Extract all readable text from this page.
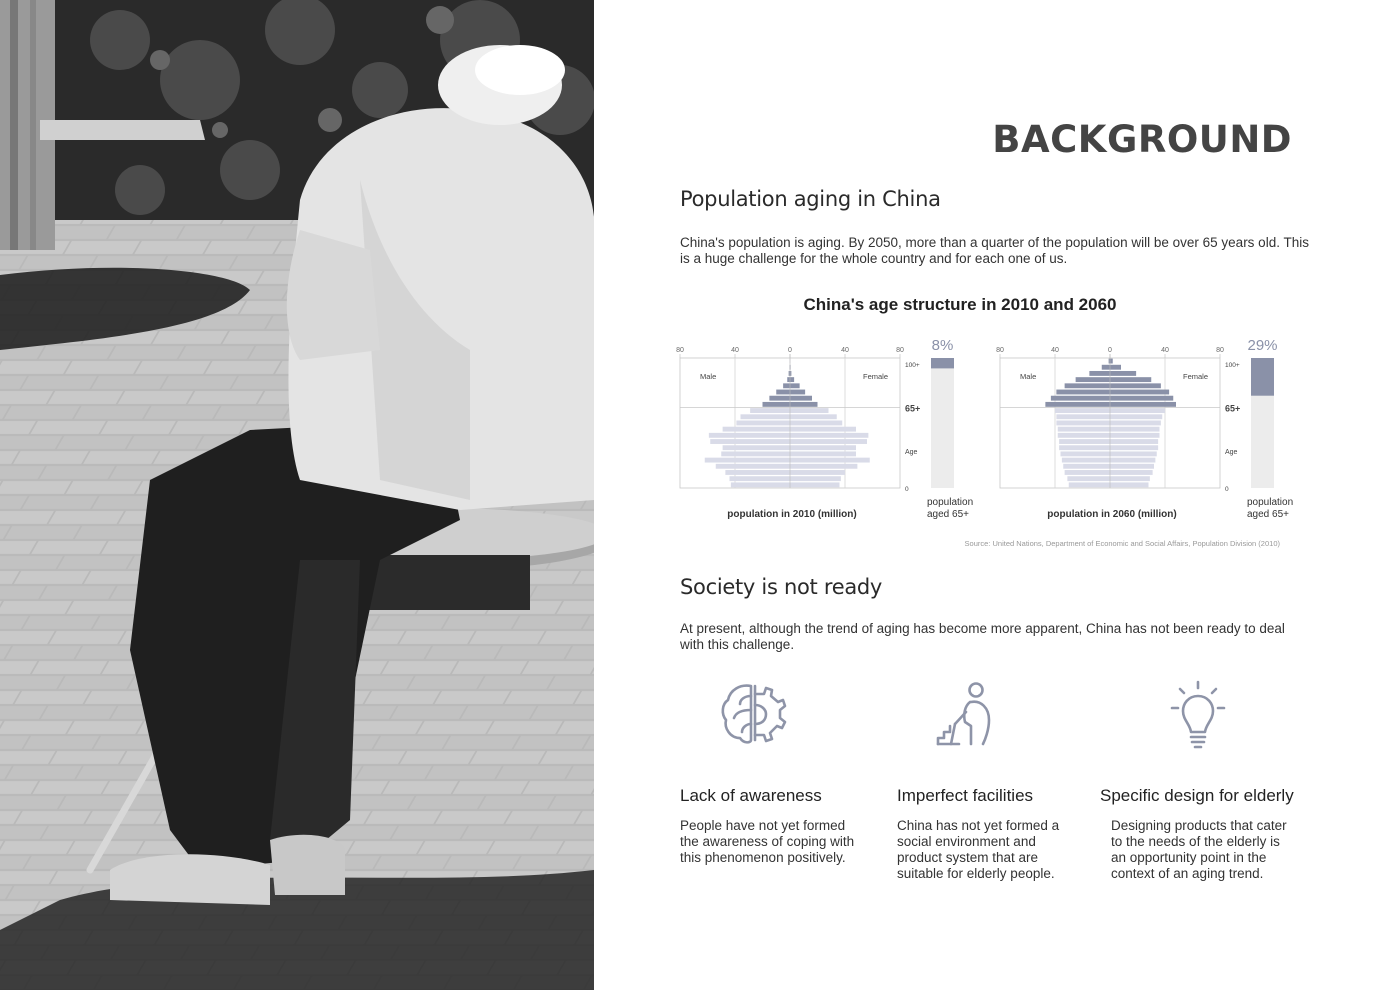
BACKGROUND
Population aging in China

China's population is aging. By 2050, more than a quarter of the population will be over 65 years old. This is a huge challenge for the whole country and for each one of us.

China's age structure in 2010 and 2060
80	40	0	40	80
Male	Female
100+
65+
Age
0
8%
population in 2010 (million)
population
aged 65+
80	40	0	40	80
Male	Female
100+
65+
Age
0
29%
population in 2060 (million)
population
aged 65+

Source: United Nations, Department of Economic and Social Affairs, Population Division (2010)

Society is not ready

At present, although the trend of aging has become more apparent, China has not been ready to deal with this challenge.

Lack of awareness

People have not yet formed the awareness of coping with this phenomenon positively.

Imperfect facilities

China has not yet formed a social environment and product system that are suitable for elderly people.

Specific design for elderly

Designing products that cater to the needs of the elderly is an opportunity point in the context of an aging trend.
